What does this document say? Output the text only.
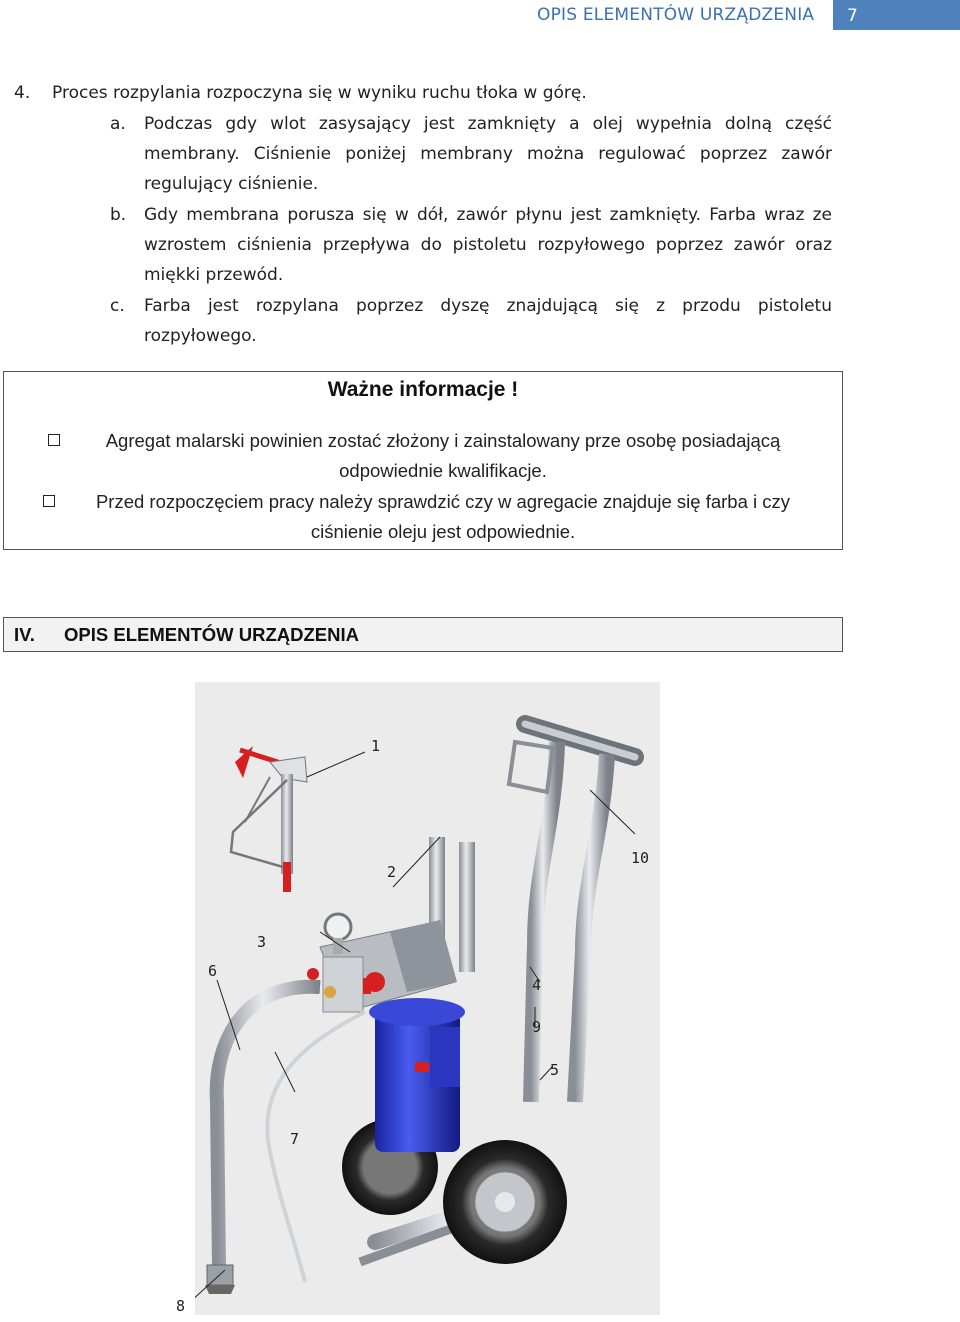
OPIS ELEMENTÓW URZĄDZENIA	7
4. Proces rozpylania rozpoczyna się w wyniku ruchu tłoka w górę.
a. Podczas gdy wlot zasysający jest zamknięty a olej wypełnia dolną część
membrany. Ciśnienie poniżej membrany można regulować poprzez zawór
regulujący ciśnienie.
b. Gdy membrana porusza się w dół, zawór płynu jest zamknięty. Farba wraz ze
wzrostem ciśnienia przepływa do pistoletu rozpyłowego poprzez zawór oraz
miękki przewód.
c. Farba jest rozpylana poprzez dyszę znajdującą się z przodu pistoletu
rozpyłowego.
Ważne informacje !
Agregat malarski powinien zostać złożony i zainstalowany prze osobę posiadającą
odpowiednie kwalifikacje.
Przed rozpoczęciem pracy należy sprawdzić czy w agregacie znajduje się farba i czy
ciśnienie oleju jest odpowiednie.
IV. OPIS ELEMENTÓW URZĄDZENIA
1
2
3
4
5
6
7
9
10
8
